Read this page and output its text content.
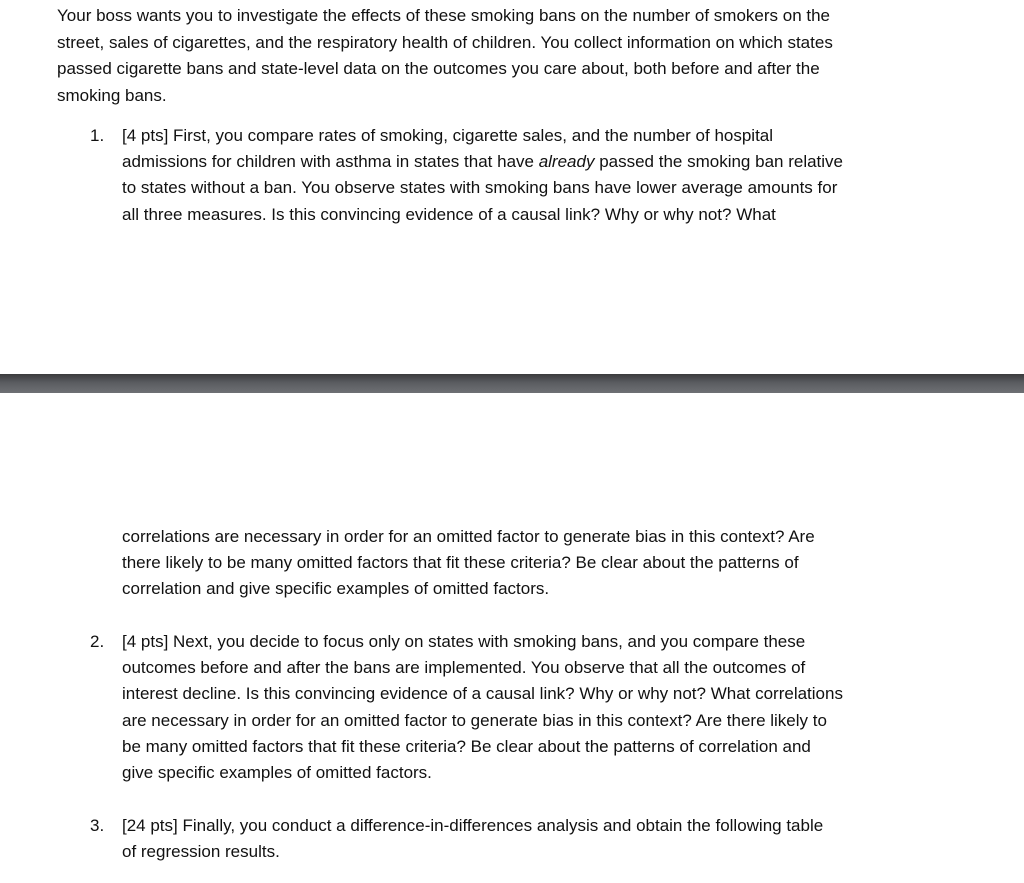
Your boss wants you to investigate the effects of these smoking bans on the number of smokers on the
street, sales of cigarettes, and the respiratory health of children. You collect information on which states
passed cigarette bans and state-level data on the outcomes you care about, both before and after the
smoking bans.
1. [4 pts] First, you compare rates of smoking, cigarette sales, and the number of hospital
admissions for children with asthma in states that have already passed the smoking ban relative
to states without a ban. You observe states with smoking bans have lower average amounts for
all three measures. Is this convincing evidence of a causal link? Why or why not? What
correlations are necessary in order for an omitted factor to generate bias in this context? Are
there likely to be many omitted factors that fit these criteria? Be clear about the patterns of
correlation and give specific examples of omitted factors.
2. [4 pts] Next, you decide to focus only on states with smoking bans, and you compare these
outcomes before and after the bans are implemented. You observe that all the outcomes of
interest decline. Is this convincing evidence of a causal link? Why or why not? What correlations
are necessary in order for an omitted factor to generate bias in this context? Are there likely to
be many omitted factors that fit these criteria? Be clear about the patterns of correlation and
give specific examples of omitted factors.
3. [24 pts] Finally, you conduct a difference-in-differences analysis and obtain the following table
of regression results.
